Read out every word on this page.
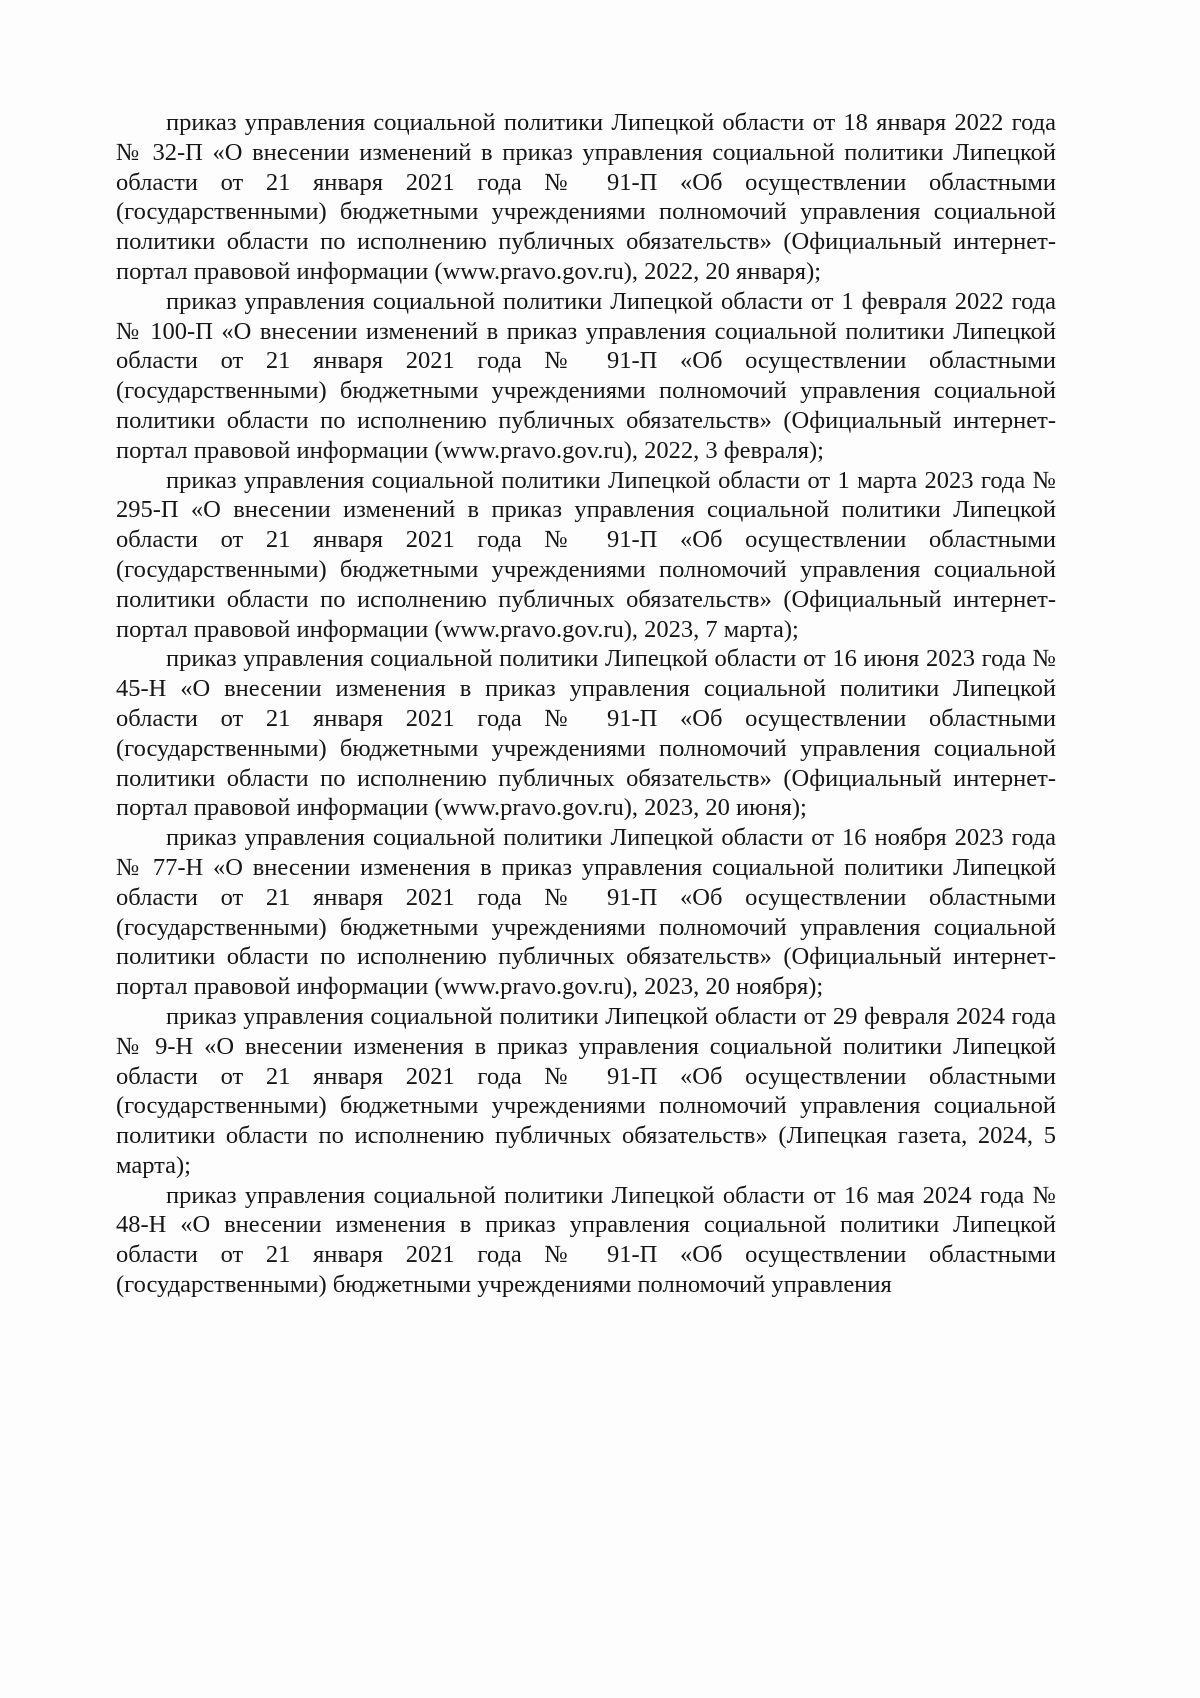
приказ управления социальной политики Липецкой области от 18 января 2022 года № 32-П «О внесении изменений в приказ управления социальной политики Липецкой области от 21 января 2021 года № 91-П «Об осуществлении областными (государственными) бюджетными учреждениями полномочий управления социальной политики области по исполнению публичных обязательств» (Официальный интернет-портал правовой информации (www.pravo.gov.ru), 2022, 20 января);

приказ управления социальной политики Липецкой области от 1 февраля 2022 года № 100-П «О внесении изменений в приказ управления социальной политики Липецкой области от 21 января 2021 года № 91-П «Об осуществлении областными (государственными) бюджетными учреждениями полномочий управления социальной политики области по исполнению публичных обязательств» (Официальный интернет-портал правовой информации (www.pravo.gov.ru), 2022, 3 февраля);

приказ управления социальной политики Липецкой области от 1 марта 2023 года № 295-П «О внесении изменений в приказ управления социальной политики Липецкой области от 21 января 2021 года № 91-П «Об осуществлении областными (государственными) бюджетными учреждениями полномочий управления социальной политики области по исполнению публичных обязательств» (Официальный интернет-портал правовой информации (www.pravo.gov.ru), 2023, 7 марта);

приказ управления социальной политики Липецкой области от 16 июня 2023 года № 45-Н «О внесении изменения в приказ управления социальной политики Липецкой области от 21 января 2021 года № 91-П «Об осуществлении областными (государственными) бюджетными учреждениями полномочий управления социальной политики области по исполнению публичных обязательств» (Официальный интернет-портал правовой информации (www.pravo.gov.ru), 2023, 20 июня);

приказ управления социальной политики Липецкой области от 16 ноября 2023 года № 77-Н «О внесении изменения в приказ управления социальной политики Липецкой области от 21 января 2021 года № 91-П «Об осуществлении областными (государственными) бюджетными учреждениями полномочий управления социальной политики области по исполнению публичных обязательств» (Официальный интернет-портал правовой информации (www.pravo.gov.ru), 2023, 20 ноября);

приказ управления социальной политики Липецкой области от 29 февраля 2024 года № 9-Н «О внесении изменения в приказ управления социальной политики Липецкой области от 21 января 2021 года № 91-П «Об осуществлении областными (государственными) бюджетными учреждениями полномочий управления социальной политики области по исполнению публичных обязательств» (Липецкая газета, 2024, 5 марта);

приказ управления социальной политики Липецкой области от 16 мая 2024 года № 48-Н «О внесении изменения в приказ управления социальной политики Липецкой области от 21 января 2021 года № 91-П «Об осуществлении областными (государственными) бюджетными учреждениями полномочий управления
